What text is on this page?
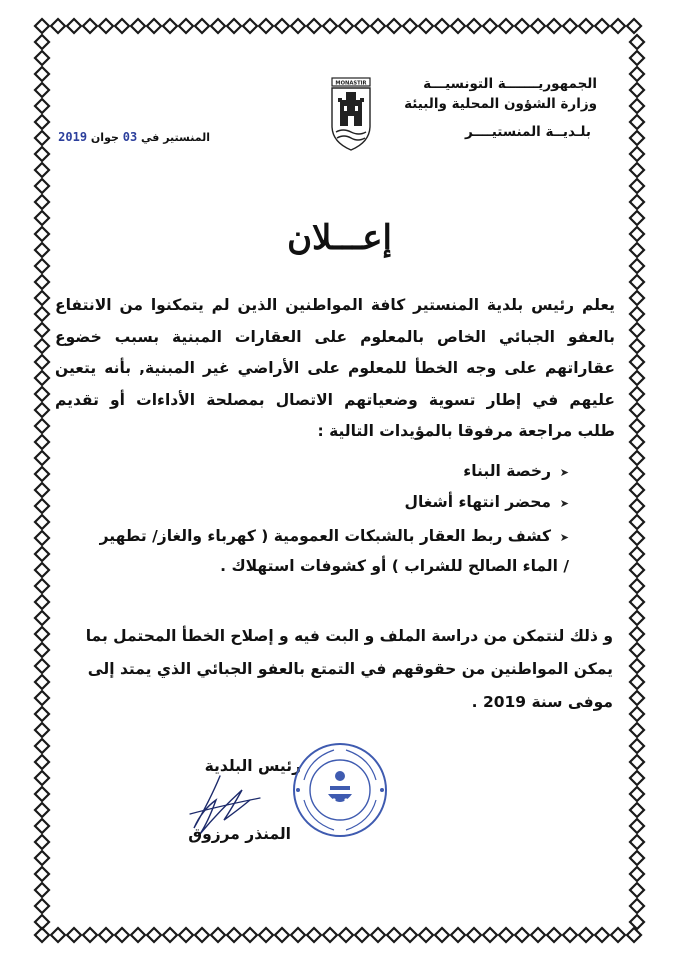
الجمهوريـــــــة التونسيـــة
وزارة الشؤون المحلية والبيئة
بلـديــة المنستيــــر
MONASTIR
المنستير في 03 جوان 2019
إعـــلان
يعلم رئيس بلدية المنستير كافة المواطنين الذين لم يتمكنوا من الانتفاع
بالعفو الجبائي الخاص بالمعلوم على العقارات المبنية بسبب خضوع
عقاراتهم على وجه الخطأ للمعلوم على الأراضي غير المبنية, بأنه يتعين
عليهم في إطار تسوية وضعياتهم الاتصال بمصلحة الأداءات أو تقديم
طلب مراجعة مرفوقا بالمؤيدات التالية :
➤رخصة البناء
➤محضر انتهاء أشغال
➤كشف ربط العقار بالشبكات العمومية ( كهرباء والغاز/ تطهير
/ الماء الصالح للشراب ) أو كشوفات استهلاك .
و ذلك لنتمكن من دراسة الملف و البت فيه و إصلاح الخطأ المحتمل بما
يمكن المواطنين من حقوقهم في التمتع بالعفو الجبائي الذي يمتد إلى
موفى سنة 2019 .
رئيس البلدية
المنذر مرزوق
